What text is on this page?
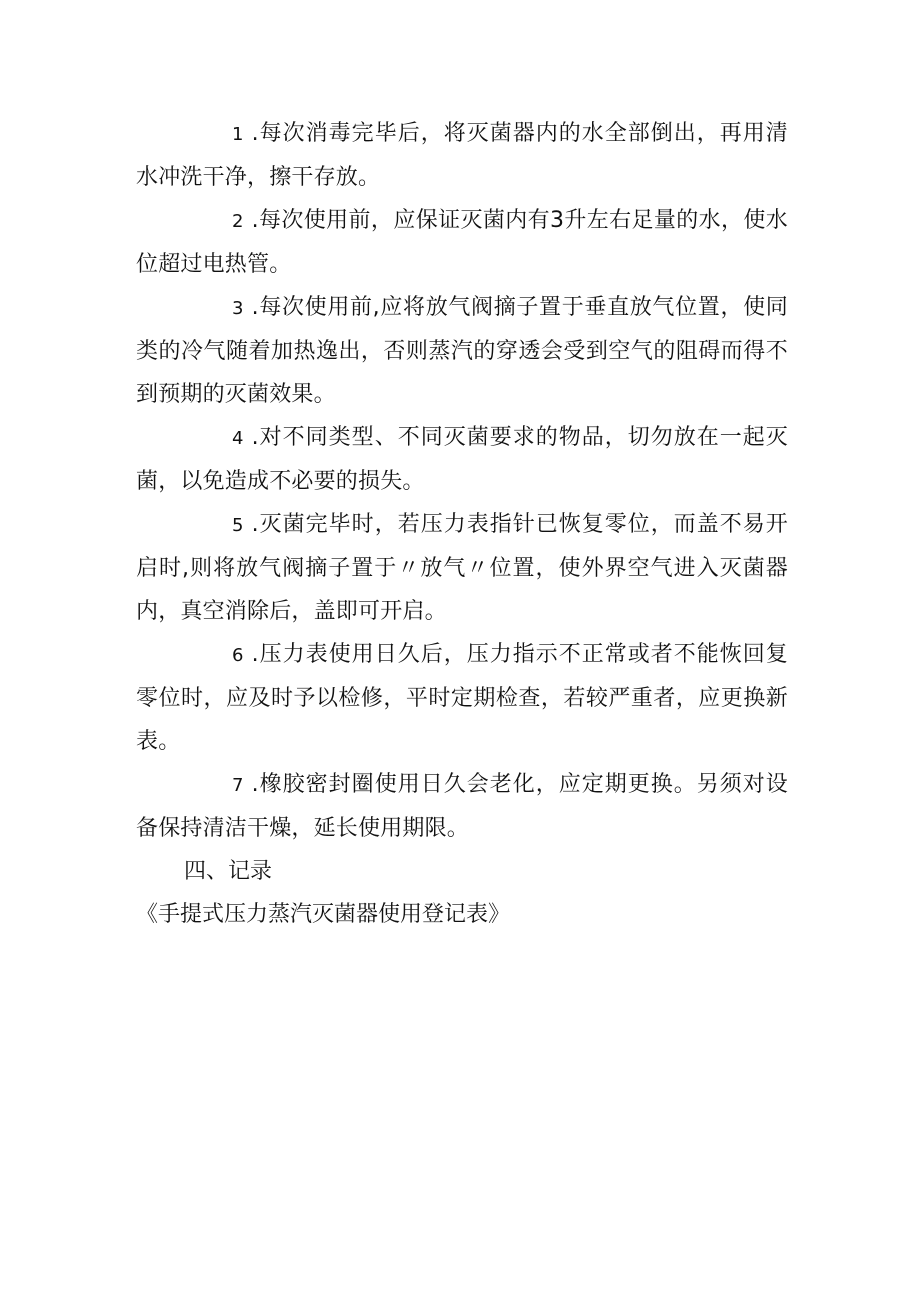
1 .每次消毒完毕后，将灭菌器内的水全部倒出，再用清水冲洗干净，擦干存放。

2 .每次使用前，应保证灭菌内有3升左右足量的水，使水位超过电热管。

3 .每次使用前,应将放气阀摘子置于垂直放气位置，使同类的冷气随着加热逸出，否则蒸汽的穿透会受到空气的阻碍而得不到预期的灭菌效果。

4 .对不同类型、不同灭菌要求的物品，切勿放在一起灭菌，以免造成不必要的损失。

5 .灭菌完毕时，若压力表指针已恢复零位，而盖不易开启时,则将放气阀摘子置于〃放气〃位置，使外界空气进入灭菌器内，真空消除后，盖即可开启。

6 .压力表使用日久后，压力指示不正常或者不能恢回复零位时，应及时予以检修，平时定期检查，若较严重者，应更换新表。

7 .橡胶密封圈使用日久会老化，应定期更换。另须对设备保持清洁干燥，延长使用期限。

四、记录

《手提式压力蒸汽灭菌器使用登记表》
